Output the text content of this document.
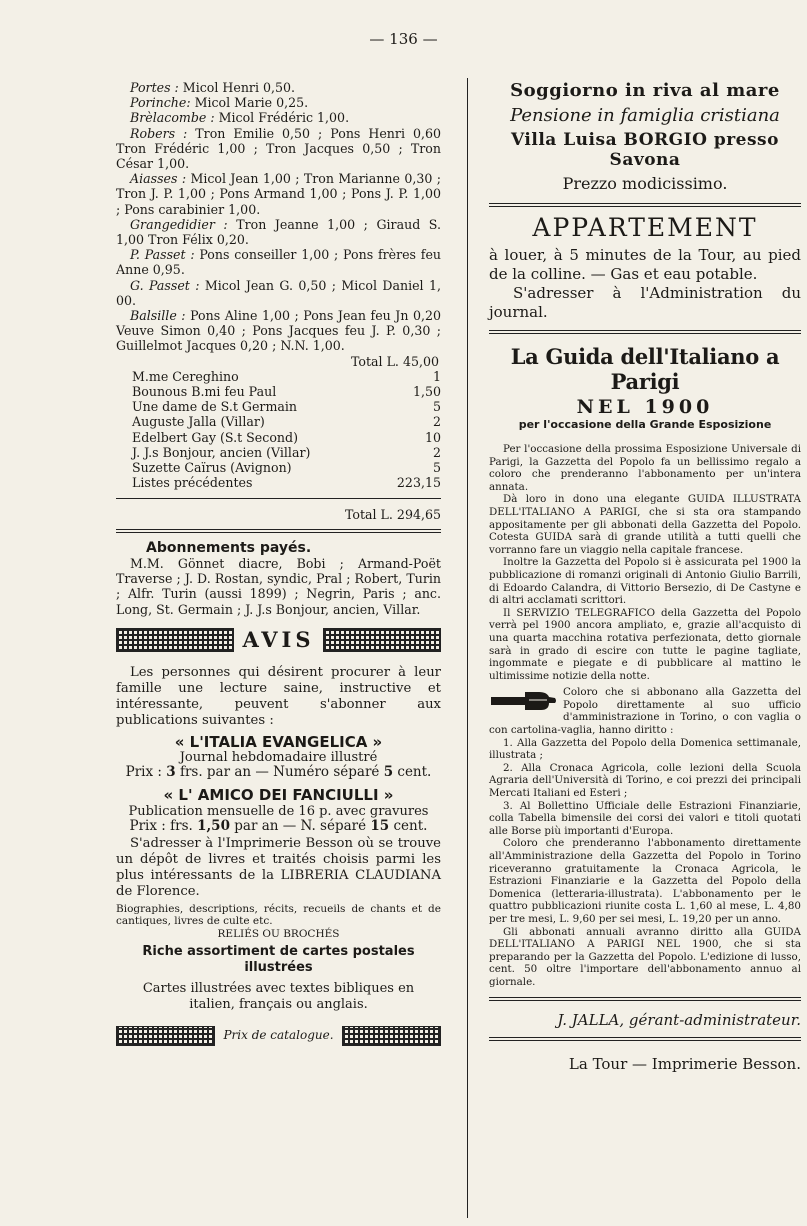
— 136 —

Portes : Micol Henri 0,50.

Porinche: Micol Marie 0,25.

Brèlacombe : Micol Frédéric 1,00.

Robers : Tron Emilie 0,50 ; Pons Henri 0,60 Tron Frédéric 1,00 ; Tron Jacques 0,50 ; Tron César 1,00.

Aiasses : Micol Jean 1,00 ; Tron Marianne 0,30 ; Tron J. P. 1,00 ; Pons Armand 1,00 ; Pons J. P. 1,00 ; Pons carabinier 1,00.

Grangedidier : Tron Jeanne 1,00 ; Giraud S. 1,00 Tron Félix 0,20.

P. Passet : Pons conseiller 1,00 ; Pons frères feu Anne 0,95.

G. Passet : Micol Jean G. 0,50 ; Micol Daniel 1, 00.

Balsille : Pons Aline 1,00 ; Pons Jean feu Jn 0,20 Veuve Simon 0,40 ; Pons Jacques feu J. P. 0,30 ; Guillelmot Jacques 0,20 ; N.N. 1,00.

Total L. 45,00
M.me Cereghino	1
Bounous B.mi feu Paul	1,50
Une dame de S.t Germain	5
Auguste Jalla (Villar)	2
Edelbert Gay (S.t Second)	10
J. J.s Bonjour, ancien (Villar)	2
Suzette Caïrus (Avignon)	5
Listes précédentes	223,15
Total L. 294,65
Abonnements payés.

M.M. Gönnet diacre, Bobi ; Armand-Poët Traverse ; J. D. Rostan, syndic, Pral ; Robert, Turin ; Alfr. Turin (aussi 1899) ; Negrin, Paris ; anc. Long, St. Germain ; J. J.s Bonjour, ancien, Villar.

AVIS

Les personnes qui désirent procurer à leur famille une lecture saine, instructive et intéressante, peuvent s'abonner aux publications suivantes :

« L'ITALIA EVANGELICA »
Journal hebdomadaire illustré
Prix : 3 frs. par an — Numéro séparé 5 cent.
« L' AMICO DEI FANCIULLI »
Publication mensuelle de 16 p. avec gravures
Prix : frs. 1,50 par an — N. séparé 15 cent.

S'adresser à l'Imprimerie Besson où se trouve un dépôt de livres et traités choisis parmi les plus intéressants de la LIBRERIA CLAUDIANA de Florence.

Biographies, descriptions, récits, recueils de chants et de cantiques, livres de culte etc.

RELIÉS OU BROCHÉS
Riche assortiment de cartes postales illustrées
Cartes illustrées avec textes bibliques en italien, français ou anglais.
Prix de catalogue.
Soggiorno in riva al mare
Pensione in famiglia cristiana
Villa Luisa BORGIO presso Savona
Prezzo modicissimo.
APPARTEMENT

à louer, à 5 minutes de la Tour, au pied de la colline. — Gas et eau potable.

S'adresser à l'Administration du journal.

La Guida dell'Italiano a Parigi
NEL 1900
per l'occasione della Grande Esposizione

Per l'occasione della prossima Esposizione Universale di Parigi, la Gazzetta del Popolo fa un bellissimo regalo a coloro che prenderanno l'abbonamento per un'intera annata.

Dà loro in dono una elegante GUIDA ILLUSTRATA DELL'ITALIANO A PARIGI, che si sta ora stampando appositamente per gli abbonati della Gazzetta del Popolo. Cotesta GUIDA sarà di grande utilità a tutti quelli che vorranno fare un viaggio nella capitale francese.

Inoltre la Gazzetta del Popolo si è assicurata pel 1900 la pubblicazione di romanzi originali di Antonio Giulio Barrili, di Edoardo Calandra, di Vittorio Bersezio, di De Castyne e di altri acclamati scrittori.

Il SERVIZIO TELEGRAFICO della Gazzetta del Popolo verrà pel 1900 ancora ampliato, e, grazie all'acquisto di una quarta macchina rotativa perfezionata, detto giornale sarà in grado di escire con tutte le pagine tagliate, ingommate e piegate e di pubblicare al mattino le ultimissime notizie della notte.

Coloro che si abbonano alla Gazzetta del Popolo direttamente al suo ufficio d'amministrazione in Torino, o con vaglia o con cartolina-vaglia, hanno diritto :

1. Alla Gazzetta del Popolo della Domenica settimanale, illustrata ;

2. Alla Cronaca Agricola, colle lezioni della Scuola Agraria dell'Università di Torino, e coi prezzi dei principali Mercati Italiani ed Esteri ;

3. Al Bollettino Ufficiale delle Estrazioni Finanziarie, colla Tabella bimensile dei corsi dei valori e titoli quotati alle Borse più importanti d'Europa.

Coloro che prenderanno l'abbonamento direttamente all'Amministrazione della Gazzetta del Popolo in Torino riceveranno gratuitamente la Cronaca Agricola, le Estrazioni Finanziarie e la Gazzetta del Popolo della Domenica (letteraria-illustrata). L'abbonamento per le quattro pubblicazioni riunite costa L. 1,60 al mese, L. 4,80 per tre mesi, L. 9,60 per sei mesi, L. 19,20 per un anno.

Gli abbonati annuali avranno diritto alla GUIDA DELL'ITALIANO A PARIGI NEL 1900, che si sta preparando per la Gazzetta del Popolo. L'edizione di lusso, cent. 50 oltre l'importare dell'abbonamento annuo al giornale.

J. JALLA, gérant-administrateur.
La Tour — Imprimerie Besson.
